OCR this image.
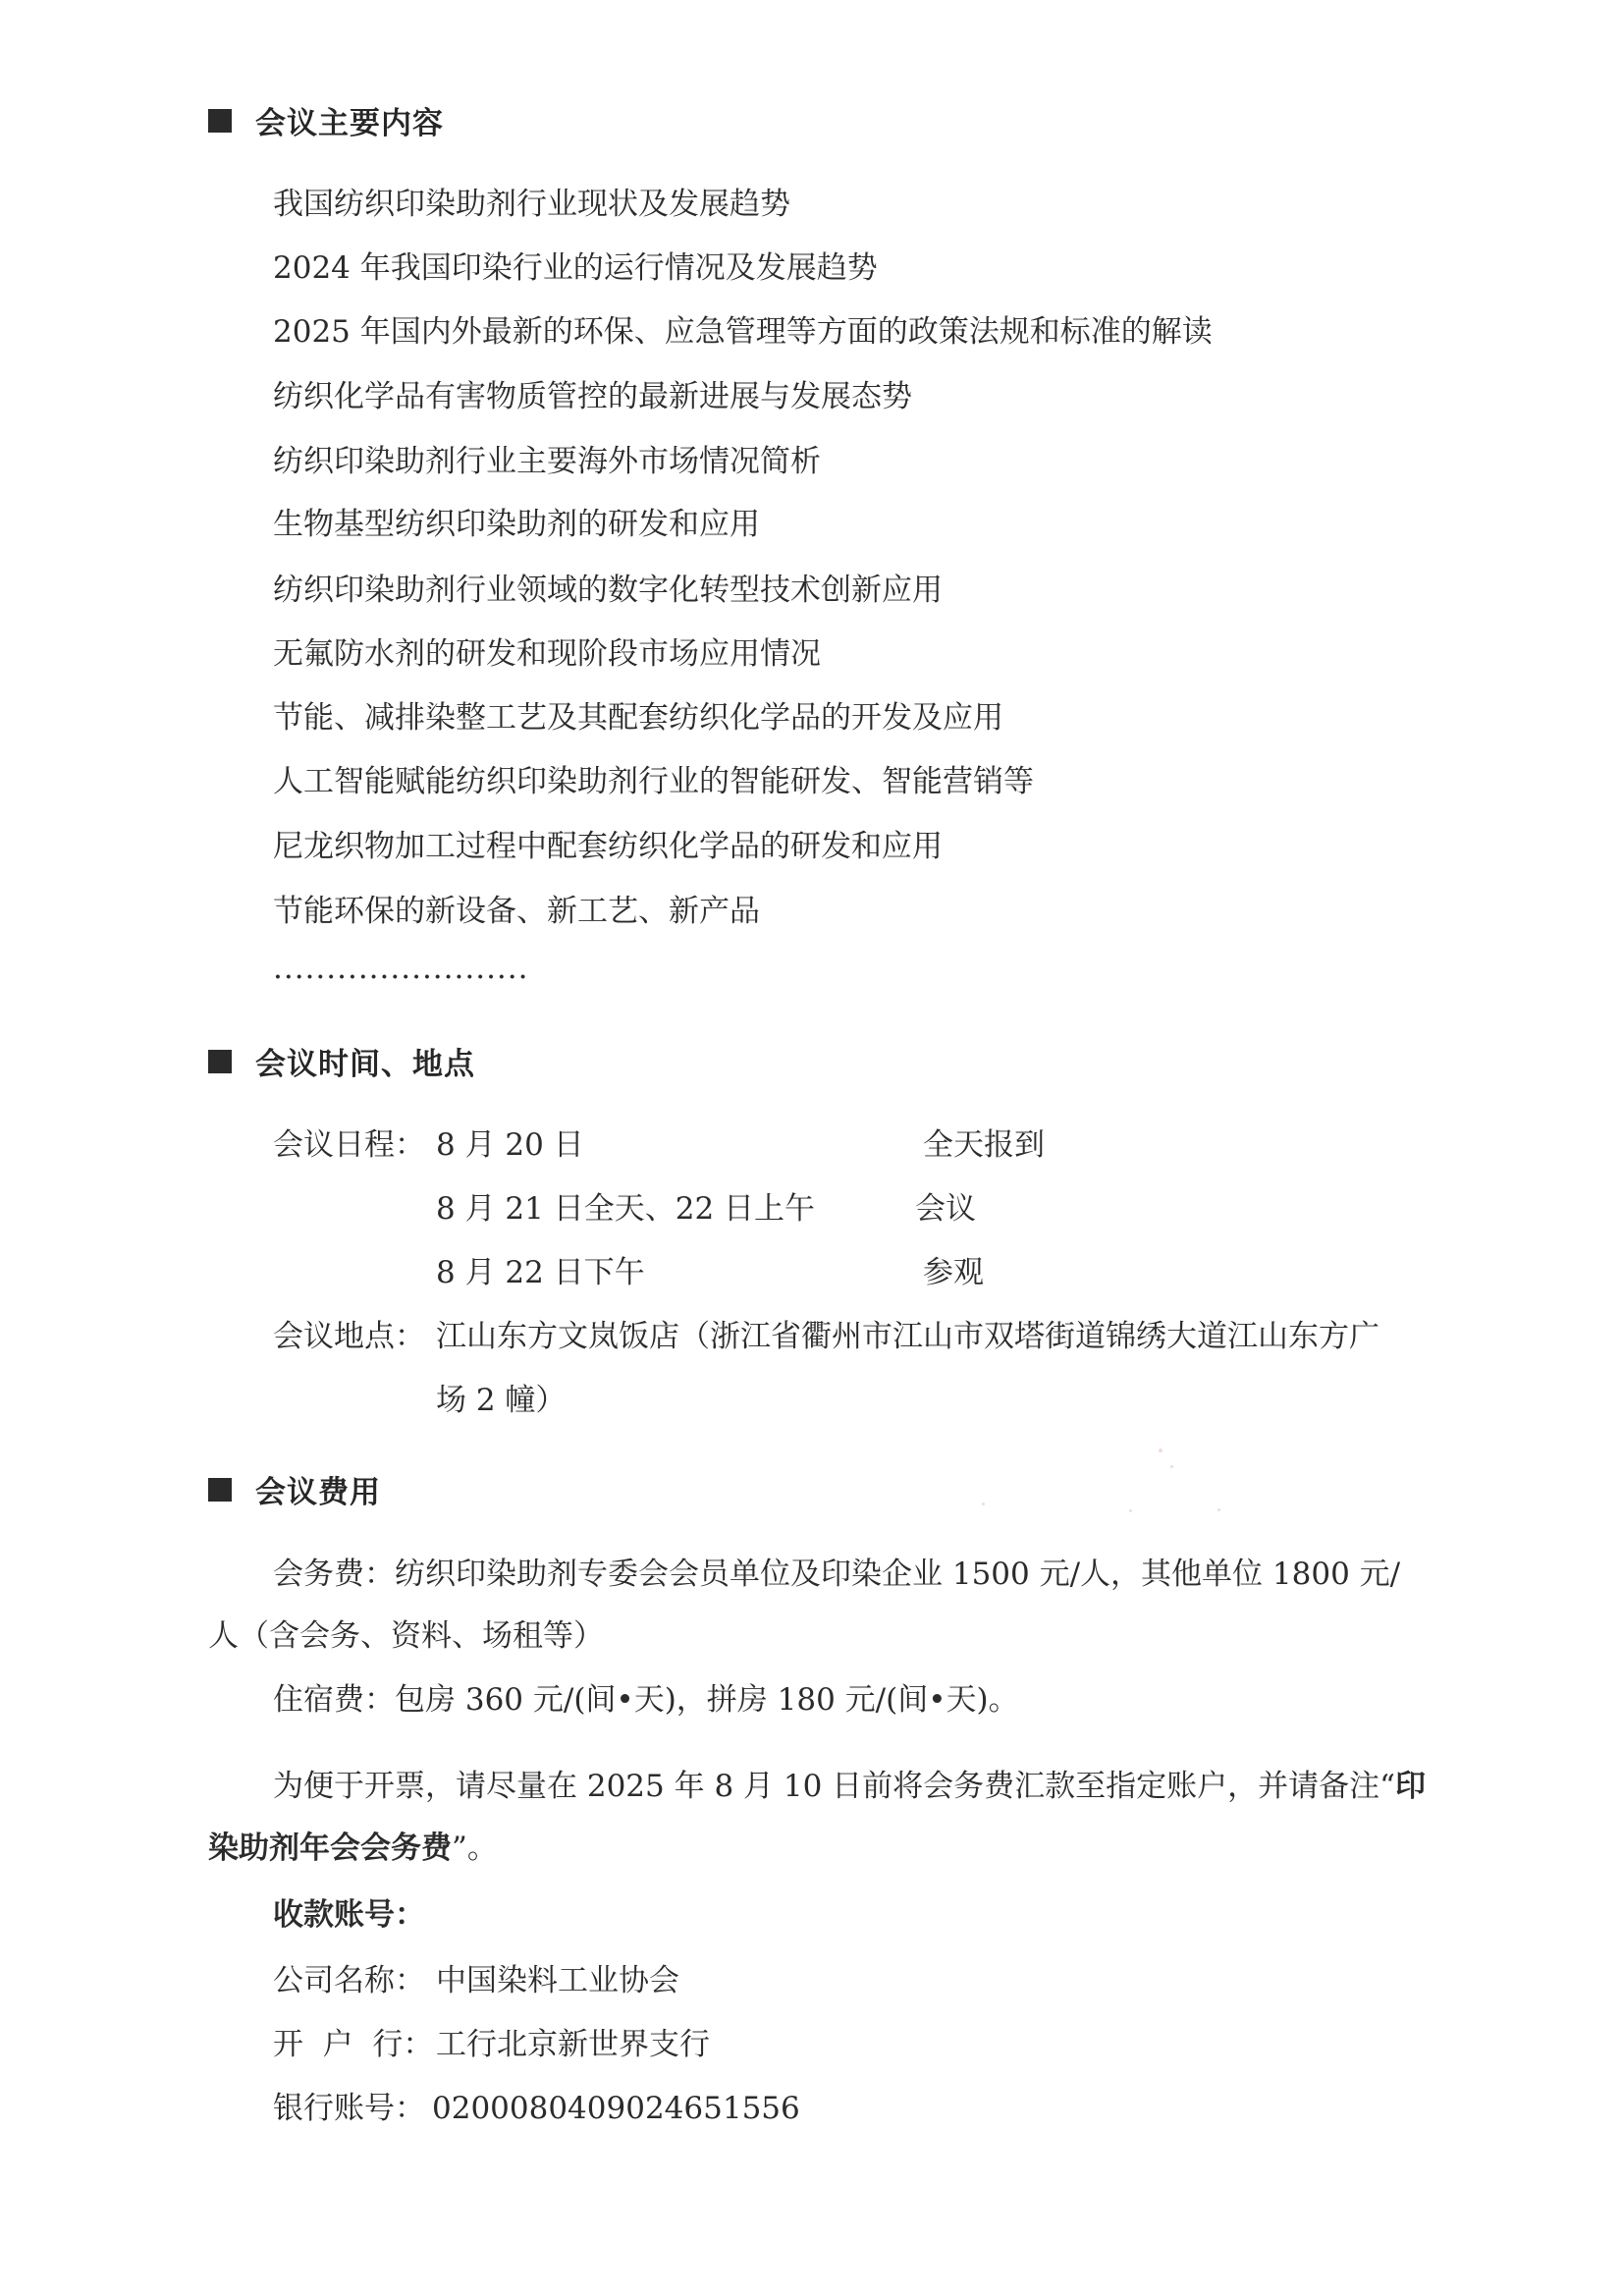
会议主要内容
我国纺织印染助剂行业现状及发展趋势
2024 年我国印染行业的运行情况及发展趋势
2025 年国内外最新的环保、应急管理等方面的政策法规和标准的解读
纺织化学品有害物质管控的最新进展与发展态势
纺织印染助剂行业主要海外市场情况简析
生物基型纺织印染助剂的研发和应用
纺织印染助剂行业领域的数字化转型技术创新应用
无氟防水剂的研发和现阶段市场应用情况
节能、减排染整工艺及其配套纺织化学品的开发及应用
人工智能赋能纺织印染助剂行业的智能研发、智能营销等
尼龙织物加工过程中配套纺织化学品的研发和应用
节能环保的新设备、新工艺、新产品
........................
会议时间、地点
会议日程： 8 月 20 日	全天报到
8 月 21 日全天、22 日上午	会议
8 月 22 日下午	参观
会议地点： 江山东方文岚饭店（浙江省衢州市江山市双塔街道锦绣大道江山东方广
场 2 幢）
会议费用
会务费：纺织印染助剂专委会会员单位及印染企业 1500 元/人，其他单位 1800 元/
人（含会务、资料、场租等）
住宿费：包房 360 元/(间•天)，拼房 180 元/(间•天)。
为便于开票，请尽量在 2025 年 8 月 10 日前将会务费汇款至指定账户，并请备注“印
染助剂年会会务费”。
收款账号：
公司名称： 中国染料工业协会
开  户  行： 工行北京新世界支行
银行账号： 0200080409024651556
